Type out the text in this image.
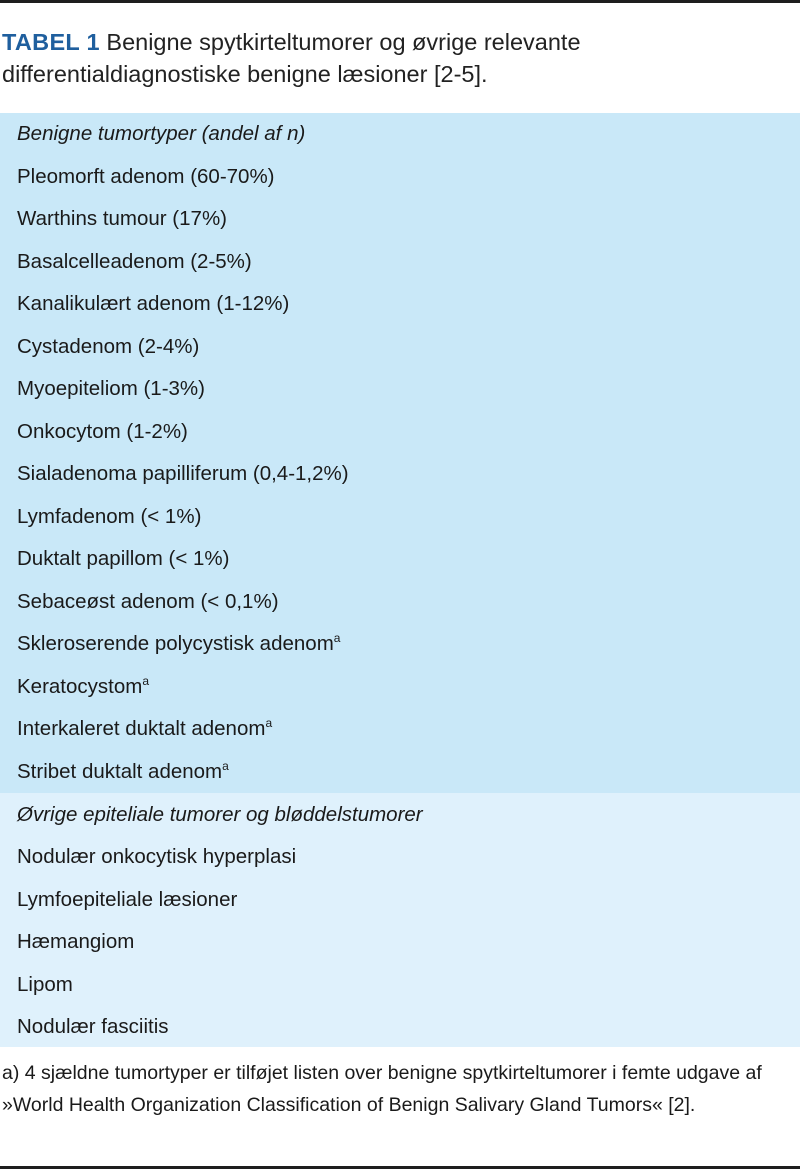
TABEL 1 Benigne spytkirteltumorer og øvrige relevante differentialdiagnostiske benigne læsioner [2-5].
Benigne tumortyper (andel af n)
Pleomorft adenom (60-70%)
Warthins tumour (17%)
Basalcelleadenom (2-5%)
Kanalikulært adenom (1-12%)
Cystadenom (2-4%)
Myoepiteliom (1-3%)
Onkocytom (1-2%)
Sialadenoma papilliferum (0,4-1,2%)
Lymfadenom (< 1%)
Duktalt papillom (< 1%)
Sebaceøst adenom (< 0,1%)
Skleroserende polycystisk adenom$^a$
Keratocystom$^a$
Interkaleret duktalt adenom$^a$
Stribet duktalt adenom$^a$
Øvrige epiteliale tumorer og bløddelstumorer
Nodulær onkocytisk hyperplasi
Lymfoepiteliale læsioner
Hæmangiom
Lipom
Nodulær fasciitis
a) 4 sjældne tumortyper er tilføjet listen over benigne spytkirteltumorer i femte udgave af »World Health Organization Classification of Benign Salivary Gland Tumors« [2].
